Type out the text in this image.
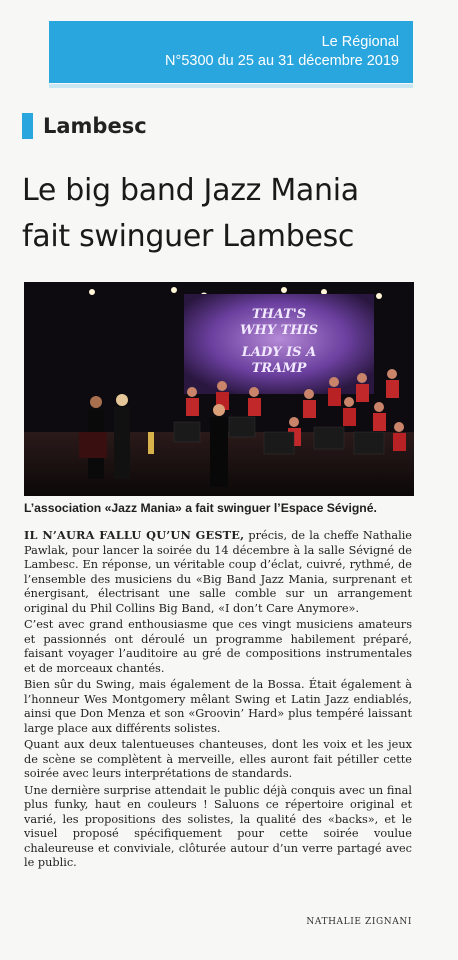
Le Régional
N°5300 du 25 au 31 décembre 2019
Lambesc
Le big band Jazz Mania
fait swinguer Lambesc
THAT'S
WHY THIS
LADY IS A
TRAMP
L’association «Jazz Mania» a fait swinguer l’Espace Sévigné.

IL N’AURA FALLU QU’UN GESTE, précis, de la cheffe Nathalie Pawlak, pour lancer la soirée du 14 décembre à la salle Sévigné de Lambesc. En réponse, un véritable coup d’éclat, cuivré, rythmé, de l’ensemble des musiciens du «Big Band Jazz Mania, surprenant et énergisant, électrisant une salle comble sur un arrangement original du Phil Collins Big Band, «I don’t Care Anymore».

C’est avec grand enthousiasme que ces vingt musiciens amateurs et passionnés ont déroulé un programme habilement préparé, faisant voyager l’auditoire au gré de compositions instrumentales et de morceaux chantés.

Bien sûr du Swing, mais également de la Bossa. Était également à l’honneur Wes Montgomery mêlant Swing et Latin Jazz endiablés, ainsi que Don Menza et son «Groovin’ Hard» plus tempéré laissant large place aux différents solistes.

Quant aux deux talentueuses chanteuses, dont les voix et les jeux de scène se complètent à merveille, elles auront fait pétiller cette soirée avec leurs interprétations de standards.

Une dernière surprise attendait le public déjà conquis avec un final plus funky, haut en couleurs ! Saluons ce répertoire original et varié, les propositions des solistes, la qualité des «backs», et le visuel proposé spécifiquement pour cette soirée voulue chaleureuse et conviviale, clôturée autour d’un verre partagé avec le public.

NATHALIE ZIGNANI
